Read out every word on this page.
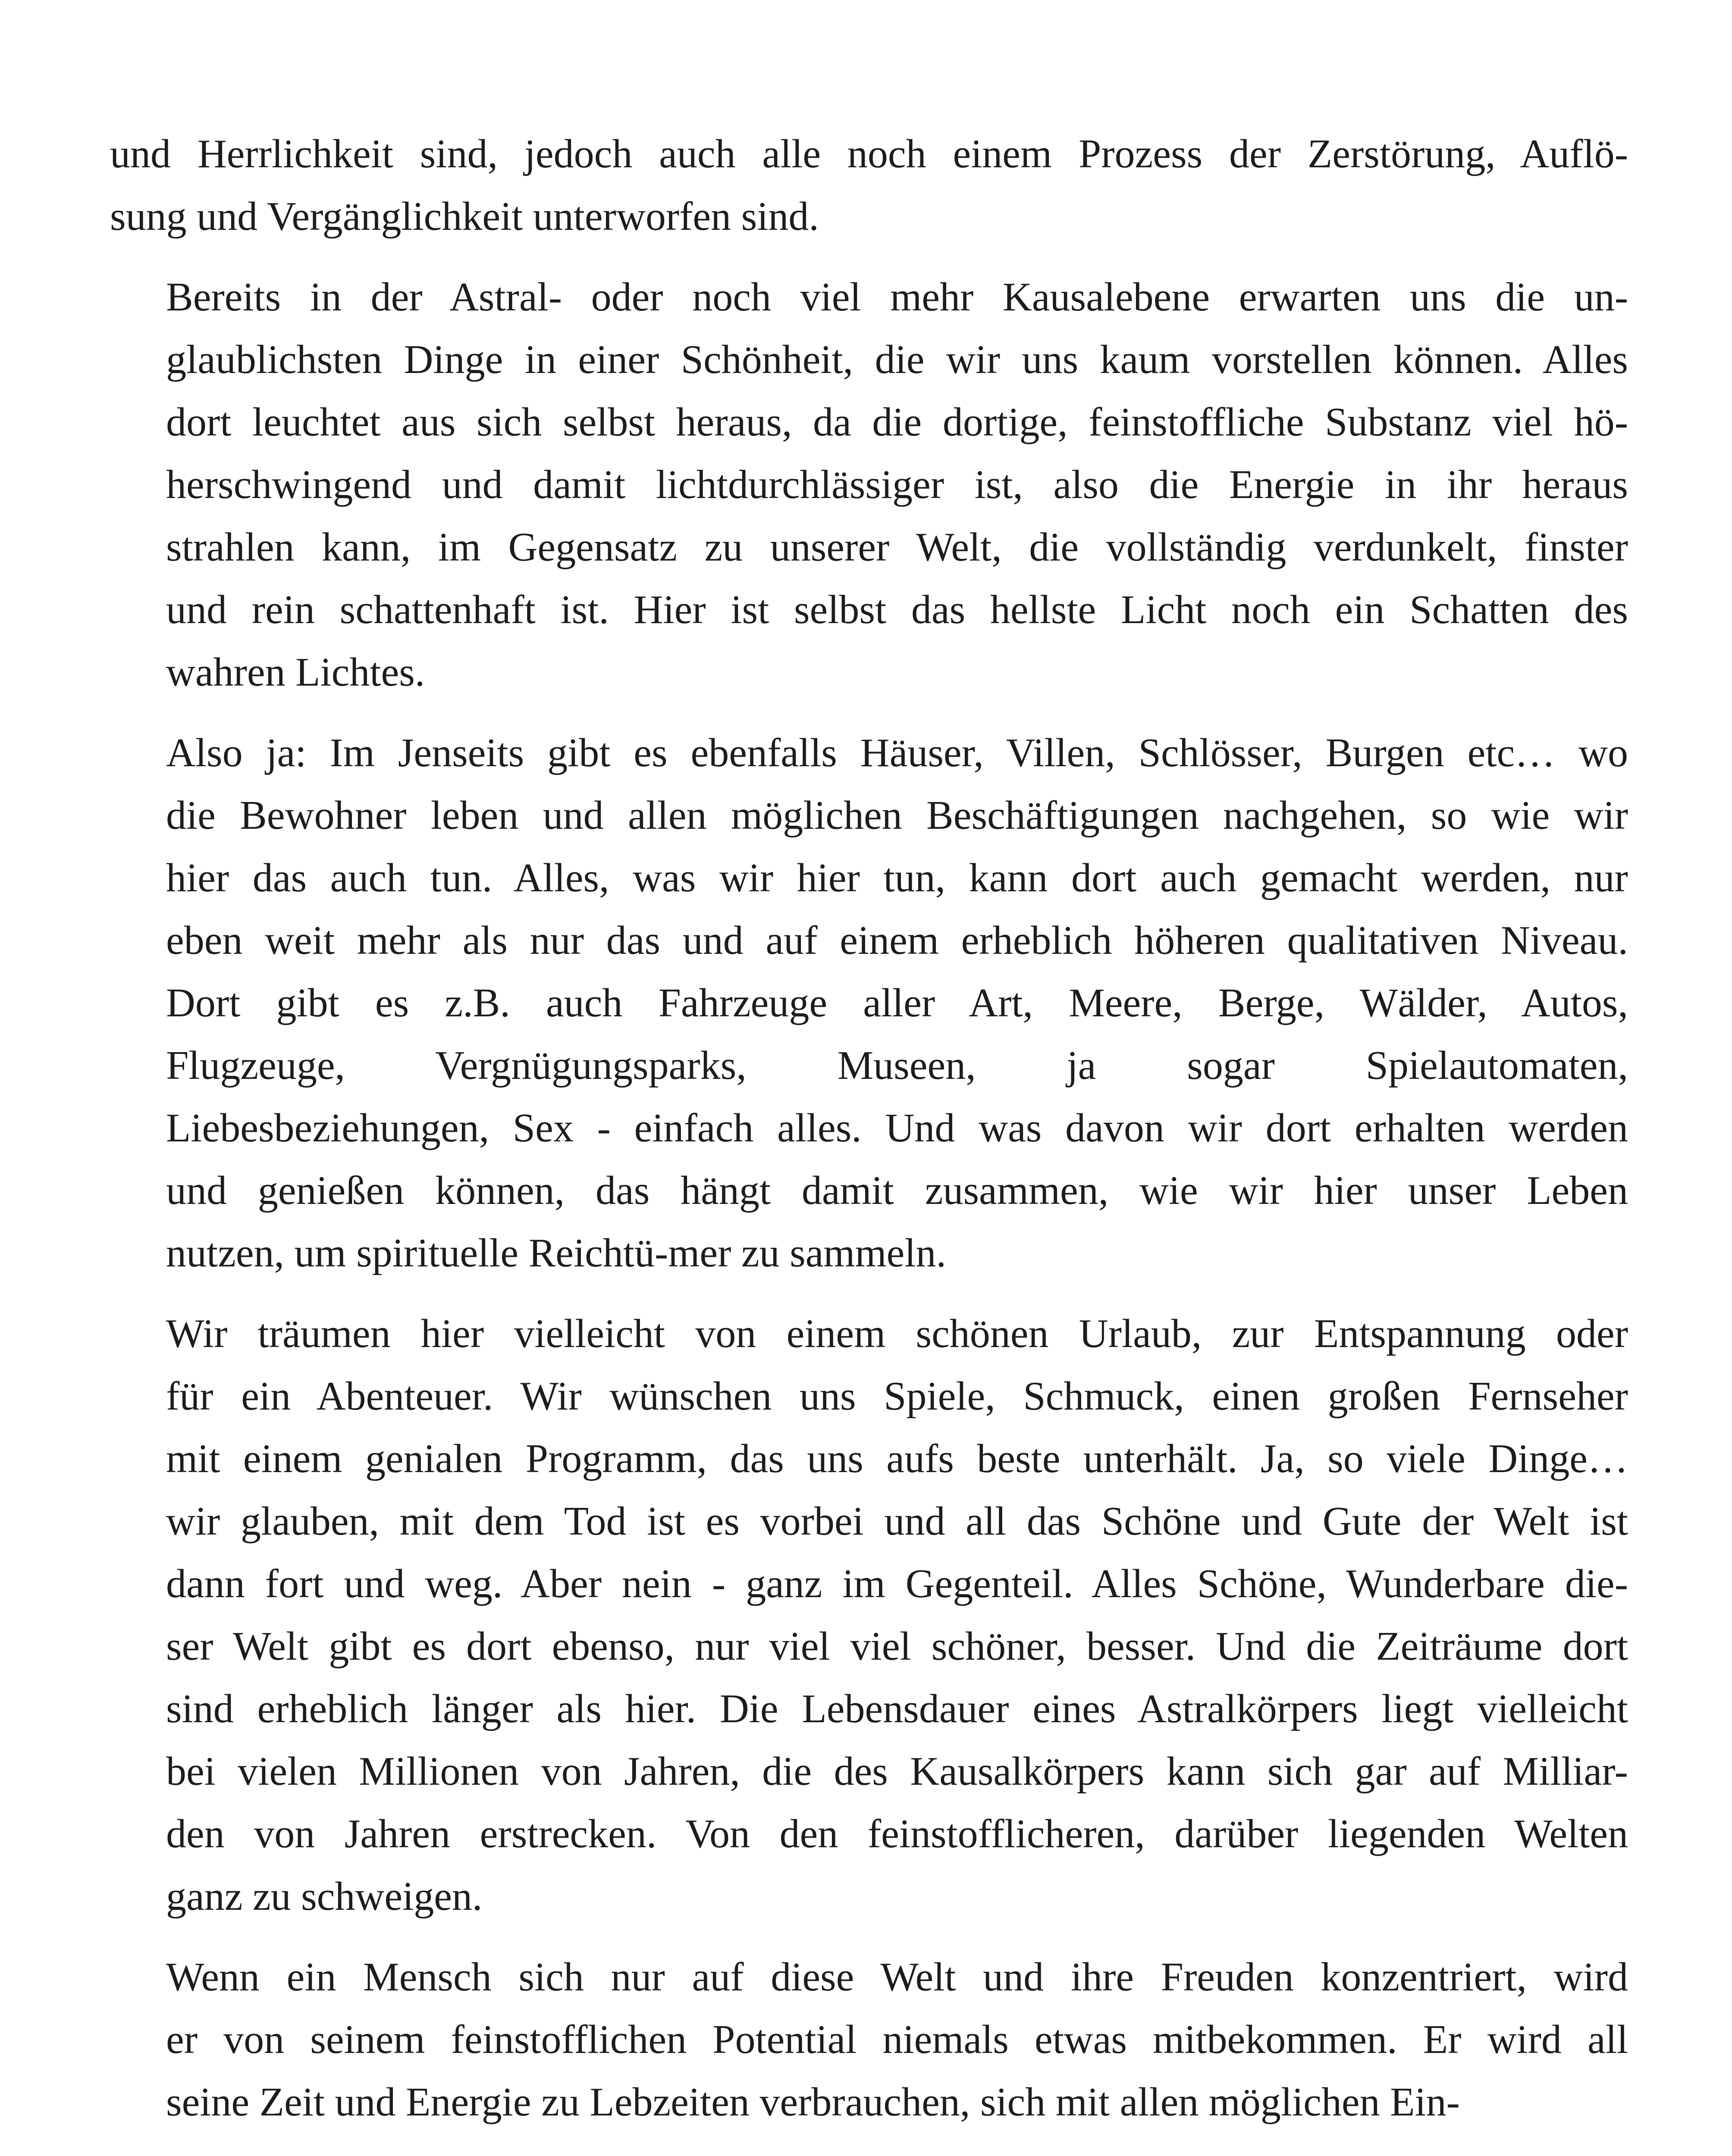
und Herrlichkeit sind, jedoch auch alle noch einem Prozess der Zerstörung, Auflö-
sung und Vergänglichkeit unterworfen sind.
Bereits in der Astral- oder noch viel mehr Kausalebene erwarten uns die un-
glaublichsten Dinge in einer Schönheit, die wir uns kaum vorstellen können. Alles
dort leuchtet aus sich selbst heraus, da die dortige, feinstoffliche Substanz viel hö-
herschwingend und damit lichtdurchlässiger ist, also die Energie in ihr heraus
strahlen kann, im Gegensatz zu unserer Welt, die vollständig verdunkelt, finster
und rein schattenhaft ist. Hier ist selbst das hellste Licht noch ein Schatten des
wahren Lichtes.
Also ja: Im Jenseits gibt es ebenfalls Häuser, Villen, Schlösser, Burgen etc… wo
die Bewohner leben und allen möglichen Beschäftigungen nachgehen, so wie wir
hier das auch tun. Alles, was wir hier tun, kann dort auch gemacht werden, nur
eben weit mehr als nur das und auf einem erheblich höheren qualitativen Niveau.
Dort gibt es z.B. auch Fahrzeuge aller Art, Meere, Berge, Wälder, Autos,
Flugzeuge, Vergnügungsparks, Museen, ja sogar Spielautomaten,
Liebesbeziehungen, Sex - einfach alles. Und was davon wir dort erhalten werden
und genießen können, das hängt damit zusammen, wie wir hier unser Leben
nutzen, um spirituelle Reichtü-mer zu sammeln.
Wir träumen hier vielleicht von einem schönen Urlaub, zur Entspannung oder
für ein Abenteuer. Wir wünschen uns Spiele, Schmuck, einen großen Fernseher
mit einem genialen Programm, das uns aufs beste unterhält. Ja, so viele Dinge…
wir glauben, mit dem Tod ist es vorbei und all das Schöne und Gute der Welt ist
dann fort und weg. Aber nein - ganz im Gegenteil. Alles Schöne, Wunderbare die-
ser Welt gibt es dort ebenso, nur viel viel schöner, besser. Und die Zeiträume dort
sind erheblich länger als hier. Die Lebensdauer eines Astralkörpers liegt vielleicht
bei vielen Millionen von Jahren, die des Kausalkörpers kann sich gar auf Milliar-
den von Jahren erstrecken. Von den feinstofflicheren, darüber liegenden Welten
ganz zu schweigen.
Wenn ein Mensch sich nur auf diese Welt und ihre Freuden konzentriert, wird
er von seinem feinstofflichen Potential niemals etwas mitbekommen. Er wird all
seine Zeit und Energie zu Lebzeiten verbrauchen, sich mit allen möglichen Ein-
